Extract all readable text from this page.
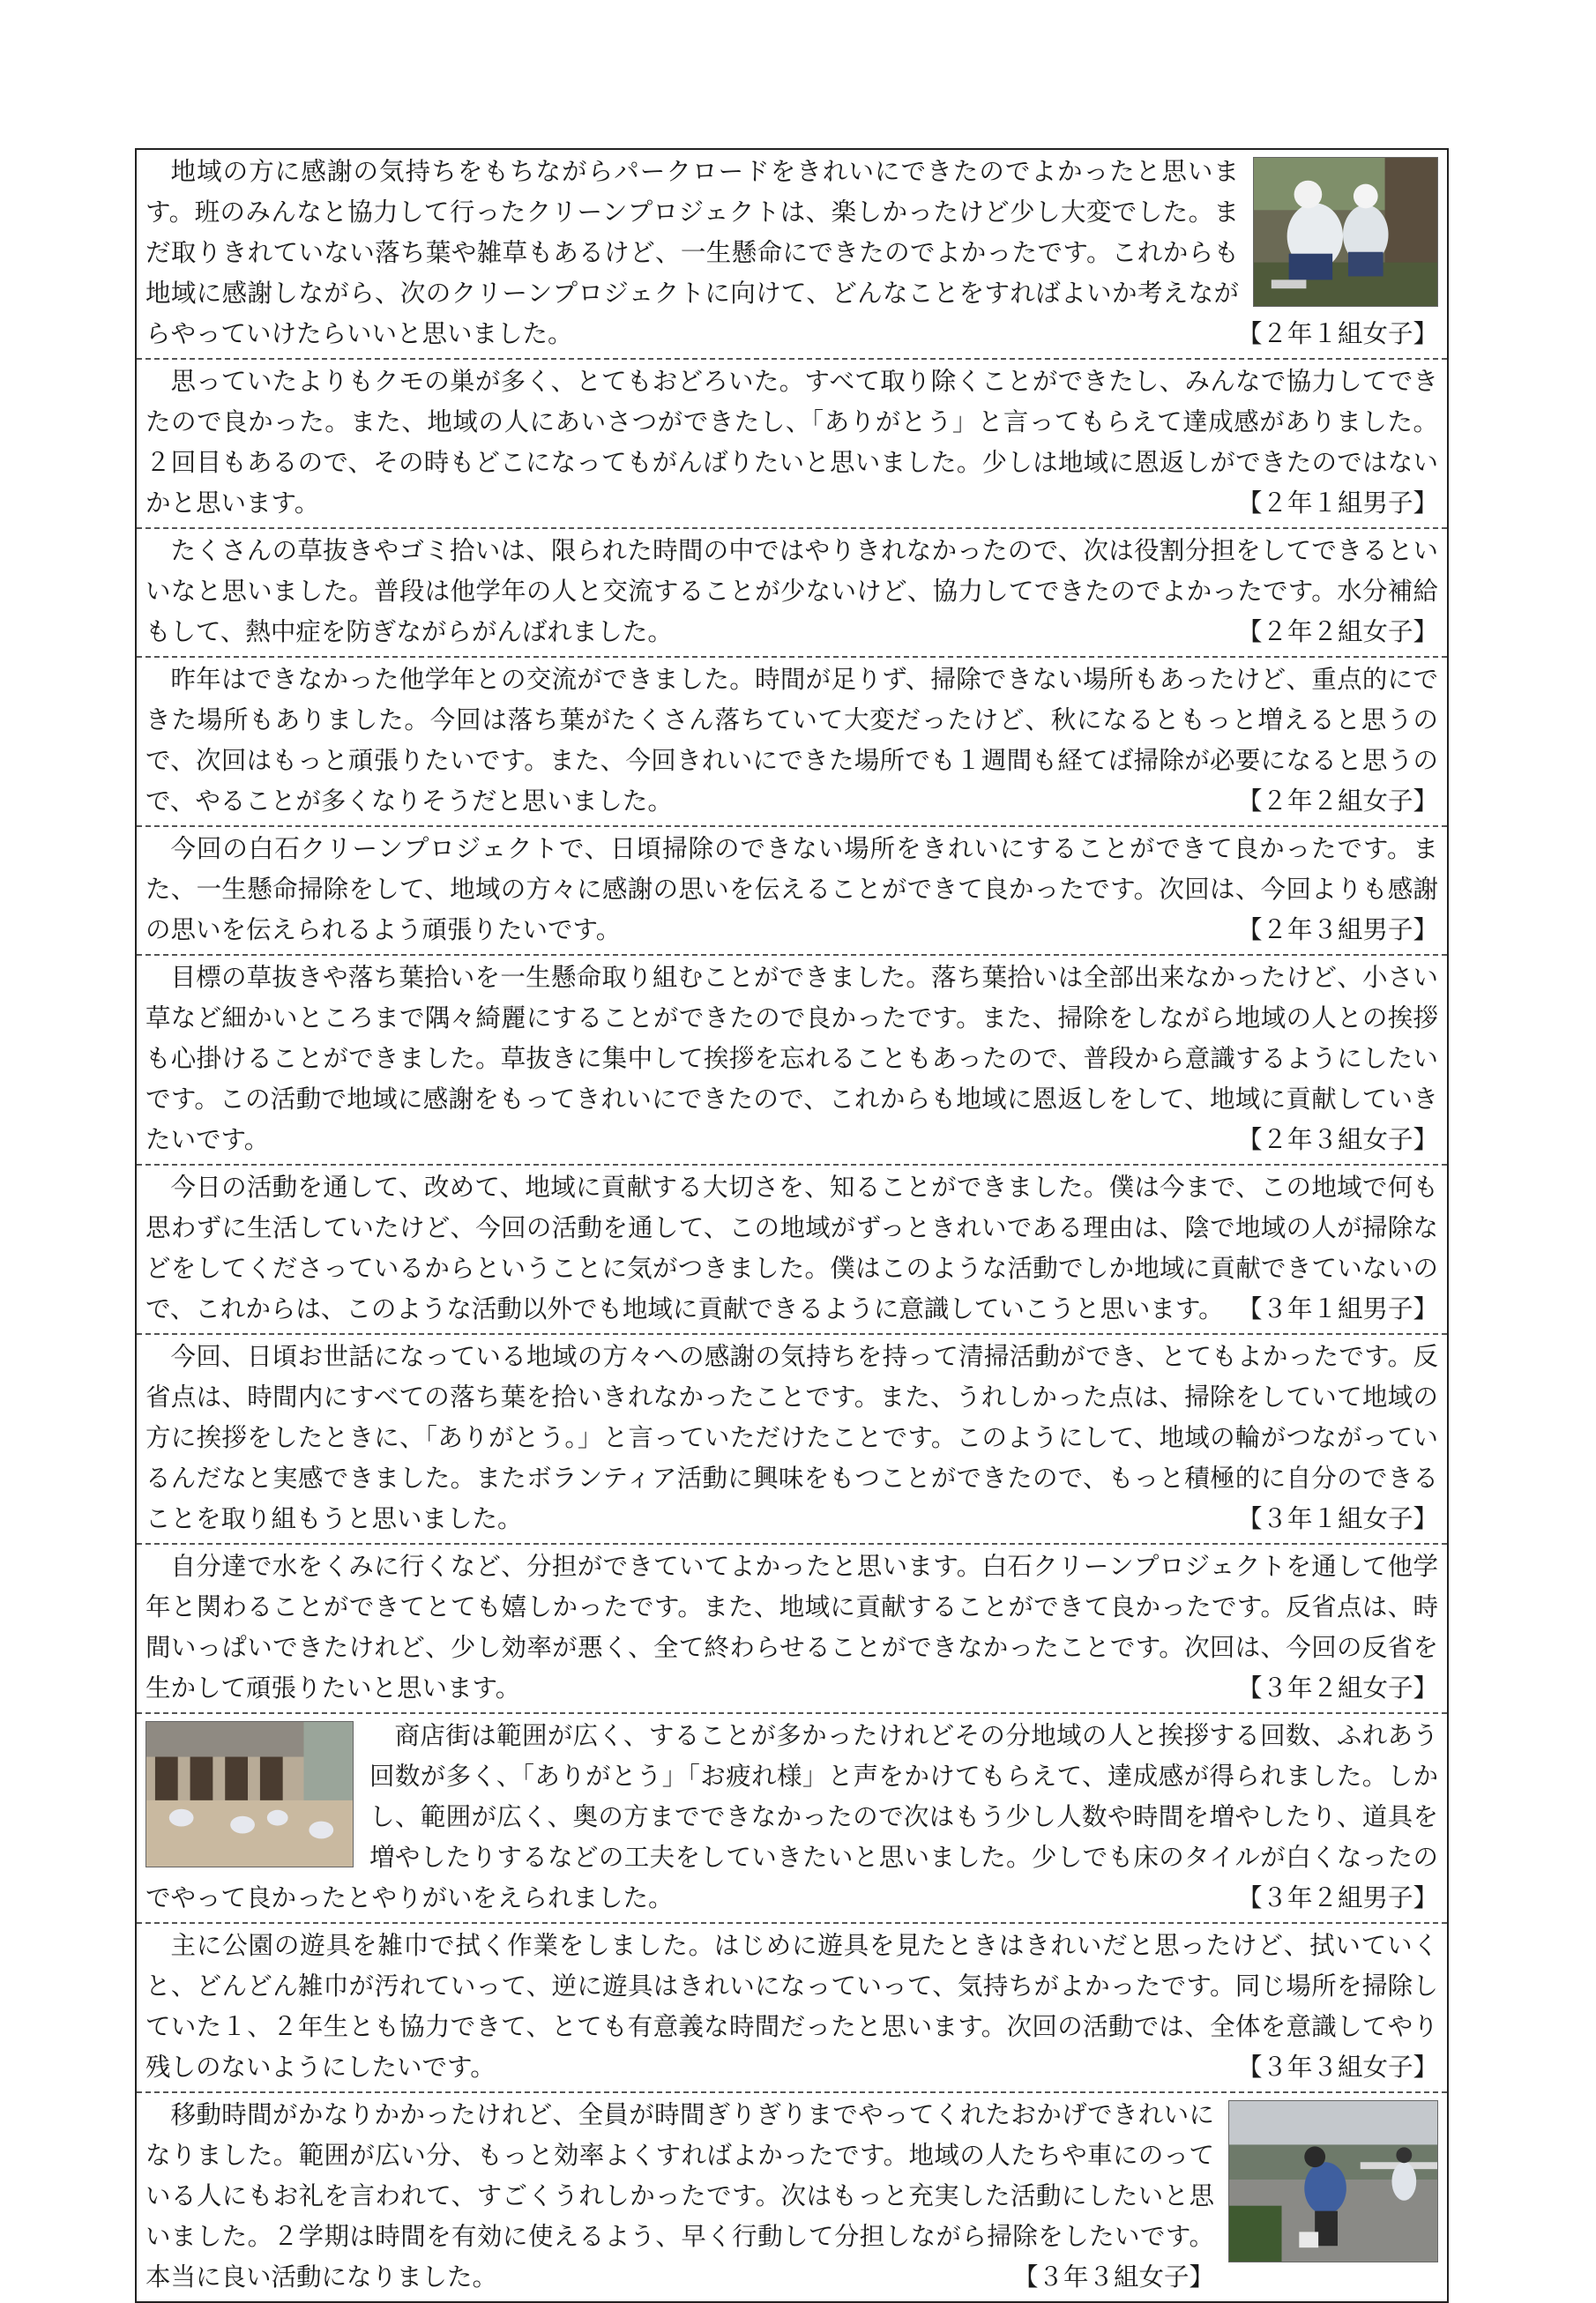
地域の方に感謝の気持ちをもちながらパークロードをきれいにできたのでよかったと思います。班のみんなと協力して行ったクリーンプロジェクトは、楽しかったけど少し大変でした。まだ取りきれていない落ち葉や雑草もあるけど、一生懸命にできたのでよかったです。これからも地域に感謝しながら、次のクリーンプロジェクトに向けて、どんなことをすればよいか考えながらやっていけたらいいと思いました。	【２年１組女子】

思っていたよりもクモの巣が多く、とてもおどろいた。すべて取り除くことができたし、みんなで協力してできたので良かった。また、地域の人にあいさつができたし、「ありがとう」と言ってもらえて達成感がありました。２回目もあるので、その時もどこになってもがんばりたいと思いました。少しは地域に恩返しができたのではないかと思います。	【２年１組男子】

たくさんの草抜きやゴミ拾いは、限られた時間の中ではやりきれなかったので、次は役割分担をしてできるといいなと思いました。普段は他学年の人と交流することが少ないけど、協力してできたのでよかったです。水分補給もして、熱中症を防ぎながらがんばれました。	【２年２組女子】

昨年はできなかった他学年との交流ができました。時間が足りず、掃除できない場所もあったけど、重点的にできた場所もありました。今回は落ち葉がたくさん落ちていて大変だったけど、秋になるともっと増えると思うので、次回はもっと頑張りたいです。また、今回きれいにできた場所でも１週間も経てば掃除が必要になると思うので、やることが多くなりそうだと思いました。	【２年２組女子】

今回の白石クリーンプロジェクトで、日頃掃除のできない場所をきれいにすることができて良かったです。また、一生懸命掃除をして、地域の方々に感謝の思いを伝えることができて良かったです。次回は、今回よりも感謝の思いを伝えられるよう頑張りたいです。	【２年３組男子】

目標の草抜きや落ち葉拾いを一生懸命取り組むことができました。落ち葉拾いは全部出来なかったけど、小さい草など細かいところまで隅々綺麗にすることができたので良かったです。また、掃除をしながら地域の人との挨拶も心掛けることができました。草抜きに集中して挨拶を忘れることもあったので、普段から意識するようにしたいです。この活動で地域に感謝をもってきれいにできたので、これからも地域に恩返しをして、地域に貢献していきたいです。	【２年３組女子】

今日の活動を通して、改めて、地域に貢献する大切さを、知ることができました。僕は今まで、この地域で何も思わずに生活していたけど、今回の活動を通して、この地域がずっときれいである理由は、陰で地域の人が掃除などをしてくださっているからということに気がつきました。僕はこのような活動でしか地域に貢献できていないので、これからは、このような活動以外でも地域に貢献できるように意識していこうと思います。 【３年１組男子】

今回、日頃お世話になっている地域の方々への感謝の気持ちを持って清掃活動ができ、とてもよかったです。反省点は、時間内にすべての落ち葉を拾いきれなかったことです。また、うれしかった点は、掃除をしていて地域の方に挨拶をしたときに、「ありがとう。」と言っていただけたことです。このようにして、地域の輪がつながっているんだなと実感できました。またボランティア活動に興味をもつことができたので、もっと積極的に自分のできることを取り組もうと思いました。	【３年１組女子】

自分達で水をくみに行くなど、分担ができていてよかったと思います。白石クリーンプロジェクトを通して他学年と関わることができてとても嬉しかったです。また、地域に貢献することができて良かったです。反省点は、時間いっぱいできたけれど、少し効率が悪く、全て終わらせることができなかったことです。次回は、今回の反省を生かして頑張りたいと思います。	【３年２組女子】

商店街は範囲が広く、することが多かったけれどその分地域の人と挨拶する回数、ふれあう回数が多く、「ありがとう」「お疲れ様」と声をかけてもらえて、達成感が得られました。しかし、範囲が広く、奥の方までできなかったので次はもう少し人数や時間を増やしたり、道具を増やしたりするなどの工夫をしていきたいと思いました。少しでも床のタイルが白くなったのでやって良かったとやりがいをえられました。	【３年２組男子】

主に公園の遊具を雑巾で拭く作業をしました。はじめに遊具を見たときはきれいだと思ったけど、拭いていくと、どんどん雑巾が汚れていって、逆に遊具はきれいになっていって、気持ちがよかったです。同じ場所を掃除していた１、２年生とも協力できて、とても有意義な時間だったと思います。次回の活動では、全体を意識してやり残しのないようにしたいです。	【３年３組女子】

移動時間がかなりかかったけれど、全員が時間ぎりぎりまでやってくれたおかげできれいになりました。範囲が広い分、もっと効率よくすればよかったです。地域の人たちや車にのっている人にもお礼を言われて、すごくうれしかったです。次はもっと充実した活動にしたいと思いました。２学期は時間を有効に使えるよう、早く行動して分担しながら掃除をしたいです。本当に良い活動になりました。	【３年３組女子】
